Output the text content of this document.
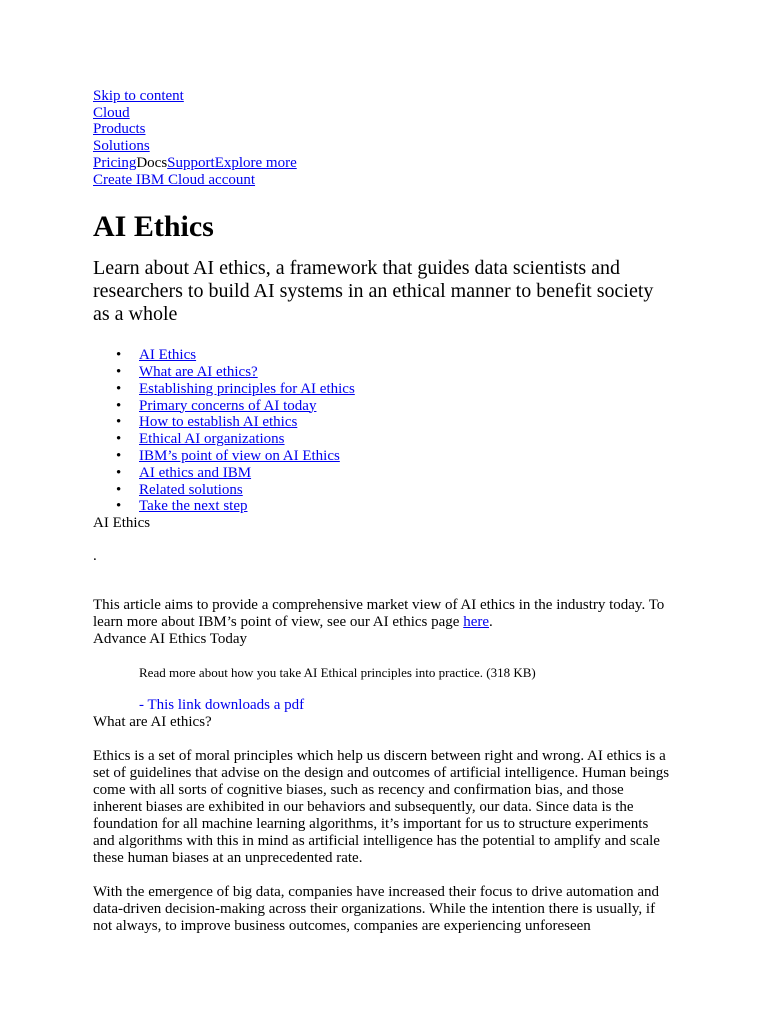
Skip to content
Cloud
Products
Solutions
PricingDocsSupportExplore more
Create IBM Cloud account
AI Ethics
Learn about AI ethics, a framework that guides data scientists and researchers to build AI systems in an ethical manner to benefit society as a whole
• AI Ethics
• What are AI ethics?
• Establishing principles for AI ethics
• Primary concerns of AI today
• How to establish AI ethics
• Ethical AI organizations
• IBM’s point of view on AI Ethics
• AI ethics and IBM
• Related solutions
• Take the next step
AI Ethics
.
This article aims to provide a comprehensive market view of AI ethics in the industry today. To learn more about IBM’s point of view, see our AI ethics page here.
Advance AI Ethics Today
Read more about how you take AI Ethical principles into practice. (318 KB)
- This link downloads a pdf
What are AI ethics?
Ethics is a set of moral principles which help us discern between right and wrong. AI ethics is a set of guidelines that advise on the design and outcomes of artificial intelligence. Human beings come with all sorts of cognitive biases, such as recency and confirmation bias, and those inherent biases are exhibited in our behaviors and subsequently, our data. Since data is the foundation for all machine learning algorithms, it’s important for us to structure experiments and algorithms with this in mind as artificial intelligence has the potential to amplify and scale these human biases at an unprecedented rate.
With the emergence of big data, companies have increased their focus to drive automation and data-driven decision-making across their organizations. While the intention there is usually, if not always, to improve business outcomes, companies are experiencing unforeseen
